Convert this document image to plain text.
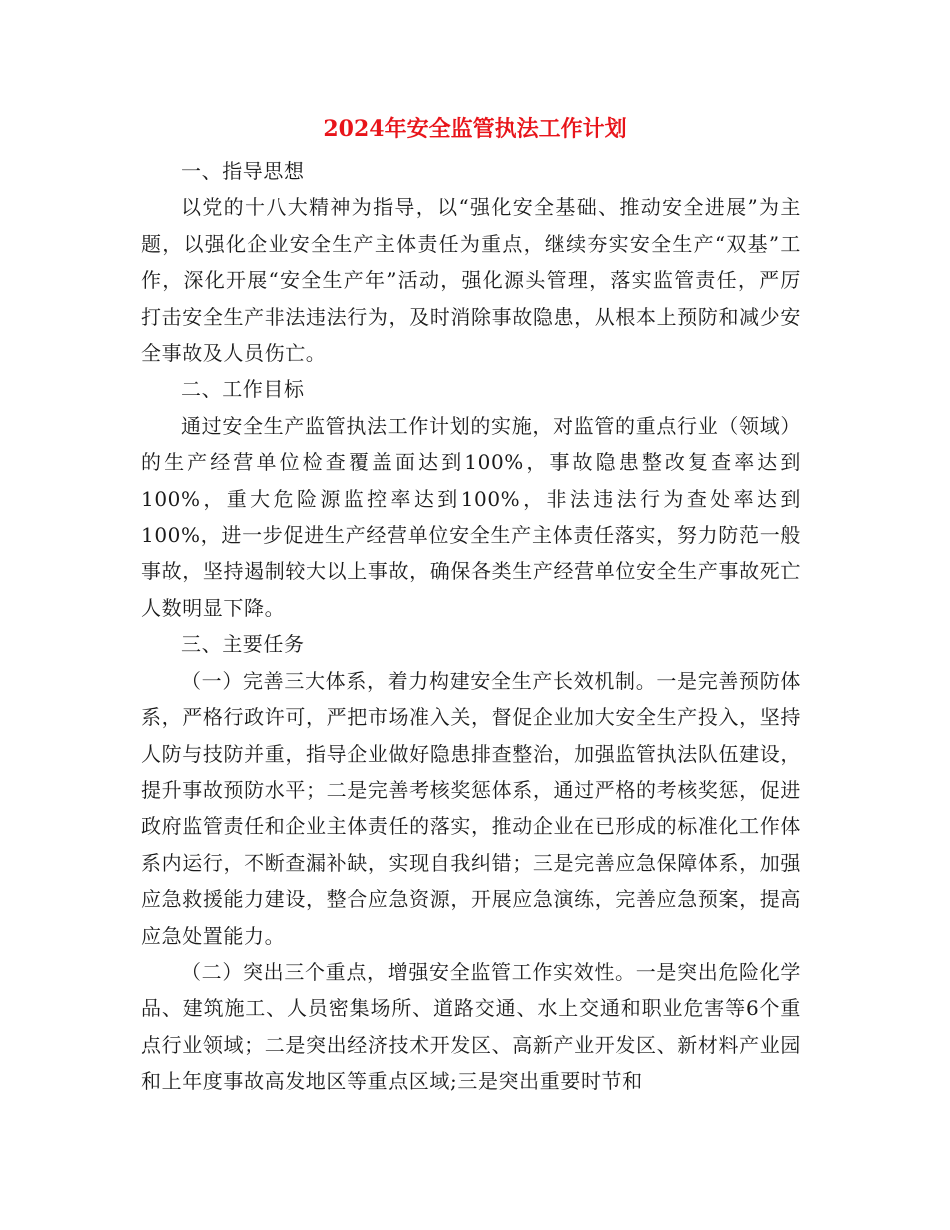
2024年安全监管执法工作计划

一、指导思想

以党的十八大精神为指导，以“强化安全基础、推动安全进展”为主题，以强化企业安全生产主体责任为重点，继续夯实安全生产“双基”工作，深化开展“安全生产年”活动，强化源头管理，落实监管责任，严厉打击安全生产非法违法行为，及时消除事故隐患，从根本上预防和减少安全事故及人员伤亡。

二、工作目标

通过安全生产监管执法工作计划的实施，对监管的重点行业（领域）的生产经营单位检查覆盖面达到100%，事故隐患整改复查率达到100%，重大危险源监控率达到100%，非法违法行为查处率达到100%，进一步促进生产经营单位安全生产主体责任落实，努力防范一般事故，坚持遏制较大以上事故，确保各类生产经营单位安全生产事故死亡人数明显下降。

三、主要任务

（一）完善三大体系，着力构建安全生产长效机制。一是完善预防体系，严格行政许可，严把市场准入关，督促企业加大安全生产投入，坚持人防与技防并重，指导企业做好隐患排查整治，加强监管执法队伍建设，提升事故预防水平；二是完善考核奖惩体系，通过严格的考核奖惩，促进政府监管责任和企业主体责任的落实，推动企业在已形成的标准化工作体系内运行，不断查漏补缺，实现自我纠错；三是完善应急保障体系，加强应急救援能力建设，整合应急资源，开展应急演练，完善应急预案，提高应急处置能力。

（二）突出三个重点，增强安全监管工作实效性。一是突出危险化学品、建筑施工、人员密集场所、道路交通、水上交通和职业危害等6个重点行业领域；二是突出经济技术开发区、高新产业开发区、新材料产业园和上年度事故高发地区等重点区域;三是突出重要时节和
